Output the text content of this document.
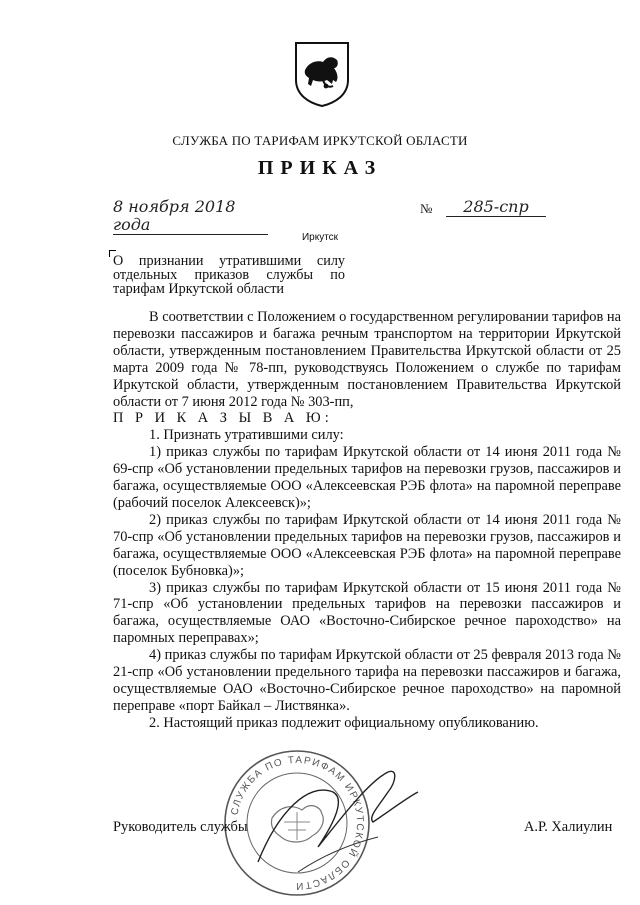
СЛУЖБА ПО ТАРИФАМ ИРКУТСКОЙ ОБЛАСТИ
ПРИКАЗ
8 ноября 2018 года
№	285-спр
Иркутск
О признании утратившими силу отдельных приказов службы по тарифам Иркутской области

В соответствии с Положением о государственном регулировании тарифов на перевозки пассажиров и багажа речным транспортом на территории Иркутской области, утвержденным постановлением Правительства Иркутской области от 25 марта 2009 года № 78-пп, руководствуясь Положением о службе по тарифам Иркутской области, утвержденным постановлением Правительства Иркутской области от 7 июня 2012 года № 303-пп,

П Р И К А З Ы В А Ю:

1. Признать утратившими силу:

1) приказ службы по тарифам Иркутской области от 14 июня 2011 года № 69-спр «Об установлении предельных тарифов на перевозки грузов, пассажиров и багажа, осуществляемые ООО «Алексеевская РЭБ флота» на паромной переправе (рабочий поселок Алексеевск)»;

2) приказ службы по тарифам Иркутской области от 14 июня 2011 года № 70-спр «Об установлении предельных тарифов на перевозки грузов, пассажиров и багажа, осуществляемые ООО «Алексеевская РЭБ флота» на паромной переправе (поселок Бубновка)»;

3) приказ службы по тарифам Иркутской области от 15 июня 2011 года № 71-спр «Об установлении предельных тарифов на перевозки пассажиров и багажа, осуществляемые ОАО «Восточно-Сибирское речное пароходство» на паромных переправах»;

4) приказ службы по тарифам Иркутской области от 25 февраля 2013 года № 21-спр «Об установлении предельного тарифа на перевозки пассажиров и багажа, осуществляемые ОАО «Восточно-Сибирское речное пароходство» на паромной переправе «порт Байкал – Листвянка».

2. Настоящий приказ подлежит официальному опубликованию.

СЛУЖБА ПО ТАРИФАМ ИРКУТСКОЙ ОБЛАСТИ
Руководитель службы	А.Р. Халиулин
